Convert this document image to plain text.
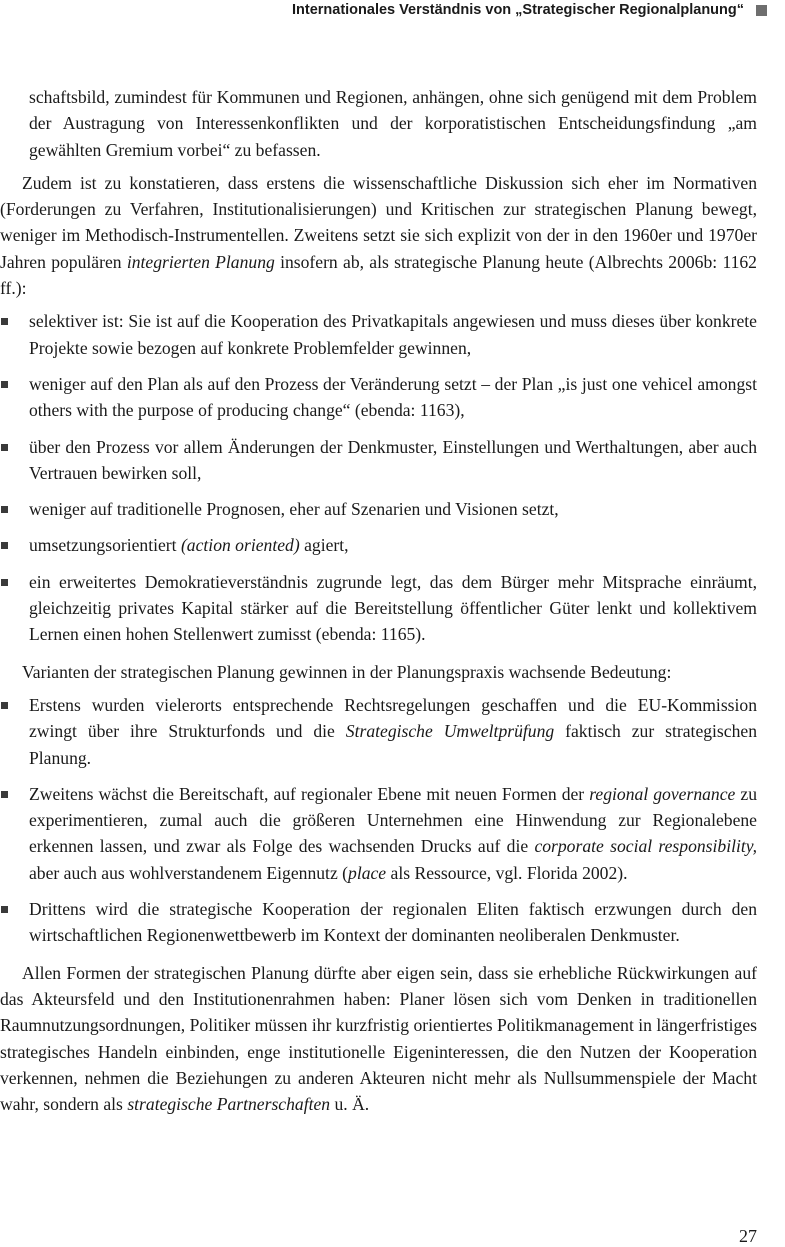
Internationales Verständnis von „Strategischer Regionalplanung“

schaftsbild, zumindest für Kommunen und Regionen, anhängen, ohne sich genügend mit dem Problem der Austragung von Interessenkonflikten und der korporatistischen Entscheidungsfindung „am gewählten Gremium vorbei“ zu befassen.

Zudem ist zu konstatieren, dass erstens die wissenschaftliche Diskussion sich eher im Normativen (Forderungen zu Verfahren, Institutionalisierungen) und Kritischen zur strategischen Planung bewegt, weniger im Methodisch-Instrumentellen. Zweitens setzt sie sich explizit von der in den 1960er und 1970er Jahren populären integrierten Planung insofern ab, als strategische Planung heute (Albrechts 2006b: 1162 ff.):

selektiver ist: Sie ist auf die Kooperation des Privatkapitals angewiesen und muss dieses über konkrete Projekte sowie bezogen auf konkrete Problemfelder gewinnen,
weniger auf den Plan als auf den Prozess der Veränderung setzt – der Plan „is just one vehicel amongst others with the purpose of producing change“ (ebenda: 1163),
über den Prozess vor allem Änderungen der Denkmuster, Einstellungen und Werthaltungen, aber auch Vertrauen bewirken soll,
weniger auf traditionelle Prognosen, eher auf Szenarien und Visionen setzt,
umsetzungsorientiert (action oriented) agiert,
ein erweitertes Demokratieverständnis zugrunde legt, das dem Bürger mehr Mitsprache einräumt, gleichzeitig privates Kapital stärker auf die Bereitstellung öffentlicher Güter lenkt und kollektivem Lernen einen hohen Stellenwert zumisst (ebenda: 1165).

Varianten der strategischen Planung gewinnen in der Planungspraxis wachsende Bedeutung:

Erstens wurden vielerorts entsprechende Rechtsregelungen geschaffen und die EU-Kommission zwingt über ihre Strukturfonds und die Strategische Umweltprüfung faktisch zur strategischen Planung.
Zweitens wächst die Bereitschaft, auf regionaler Ebene mit neuen Formen der regional governance zu experimentieren, zumal auch die größeren Unternehmen eine Hinwendung zur Regionalebene erkennen lassen, und zwar als Folge des wachsenden Drucks auf die corporate social responsibility, aber auch aus wohlverstandenem Eigennutz (place als Ressource, vgl. Florida 2002).
Drittens wird die strategische Kooperation der regionalen Eliten faktisch erzwungen durch den wirtschaftlichen Regionenwettbewerb im Kontext der dominanten neoliberalen Denkmuster.

Allen Formen der strategischen Planung dürfte aber eigen sein, dass sie erhebliche Rückwirkungen auf das Akteursfeld und den Institutionenrahmen haben: Planer lösen sich vom Denken in traditionellen Raumnutzungsordnungen, Politiker müssen ihr kurzfristig orientiertes Politikmanagement in längerfristiges strategisches Handeln einbinden, enge institutionelle Eigeninteressen, die den Nutzen der Kooperation verkennen, nehmen die Beziehungen zu anderen Akteuren nicht mehr als Nullsummenspiele der Macht wahr, sondern als strategische Partnerschaften u. Ä.

27
